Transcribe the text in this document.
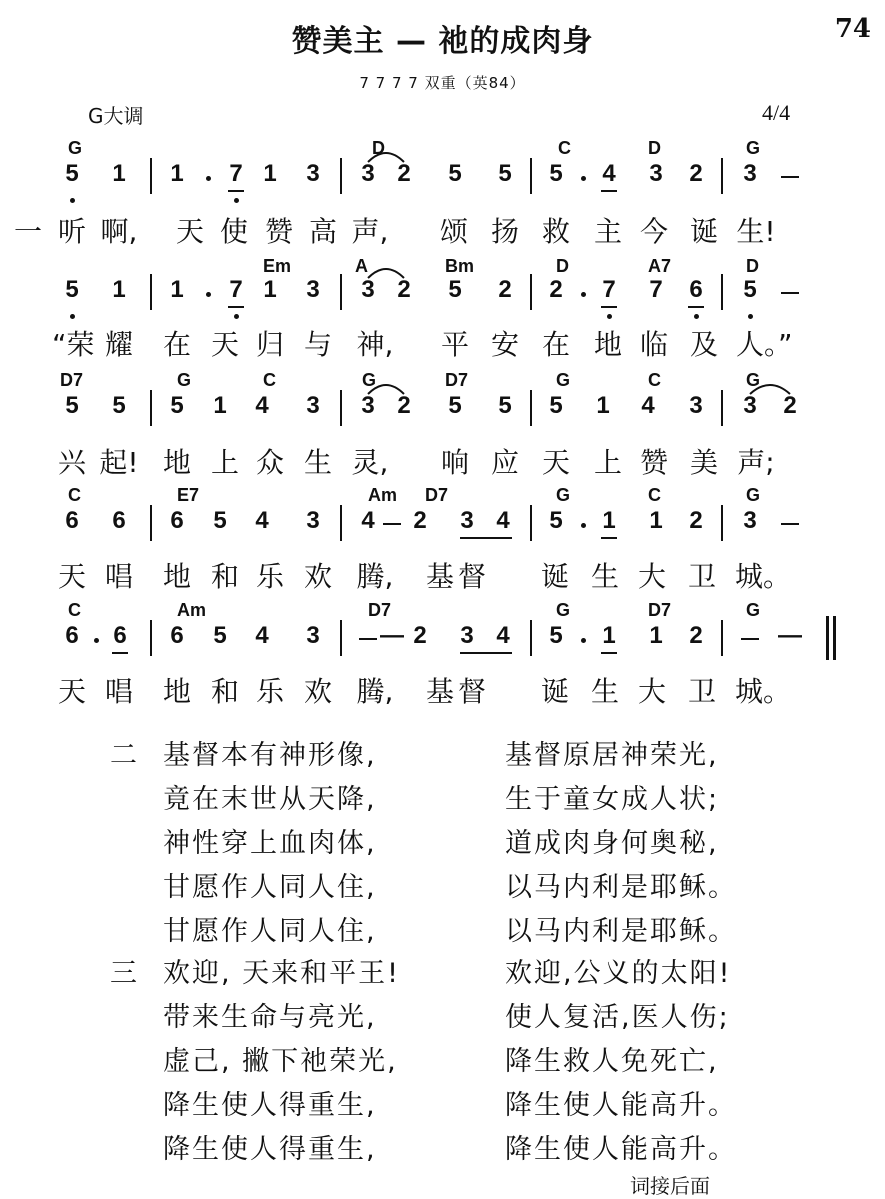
赞美主 — 祂的成肉身	74
7 7 7 7 双重（英84）
G大调	4/4
G	D	C	D	G
5	1	1	7 1	3	3 2	5	5	5	4	3	2	3
一 听 啊, 天 使 赞 高 声, 颂 扬 救 主 今 诞 生!
Em	A	Bm	D	A7	D
5	1	1	7 1	3	3 2	5	2	2	7	7	6	5
“荣 耀 在 天 归 与 神, 平 安 在 地 临 及 人。”
D7	G	C	G	D7	G	C	G
5	5	5	1	4	3	3 2	5	5	5	1	4	3	3	2
兴 起! 地 上 众 生 灵, 响 应 天 上 赞 美 声;
C	E7	Am D7	G	C	G
6	6	6	5	4	3	4	2	3 4	5	1	1	2	3
天 唱 地 和 乐 欢 腾, 基 督 诞 生 大 卫 城。
C	Am	D7	G	D7	G
6	6	6	5	4	3	— 2	3 4	5	1	1	2	—
天 唱 地 和 乐 欢 腾, 基 督 诞 生 大 卫 城。
二 基督本有神形像,	基督原居神荣光,
竟在末世从天降,	生于童女成人状;
神性穿上血肉体,	道成肉身何奥秘,
甘愿作人同人住,	以马内利是耶稣。
甘愿作人同人住,	以马内利是耶稣。
三 欢迎, 天来和平王!	欢迎,公义的太阳!
带来生命与亮光,	使人复活,医人伤;
虚己, 撇下祂荣光,	降生救人免死亡,
降生使人得重生,	降生使人能高升。
降生使人得重生,	降生使人能高升。
词接后面
